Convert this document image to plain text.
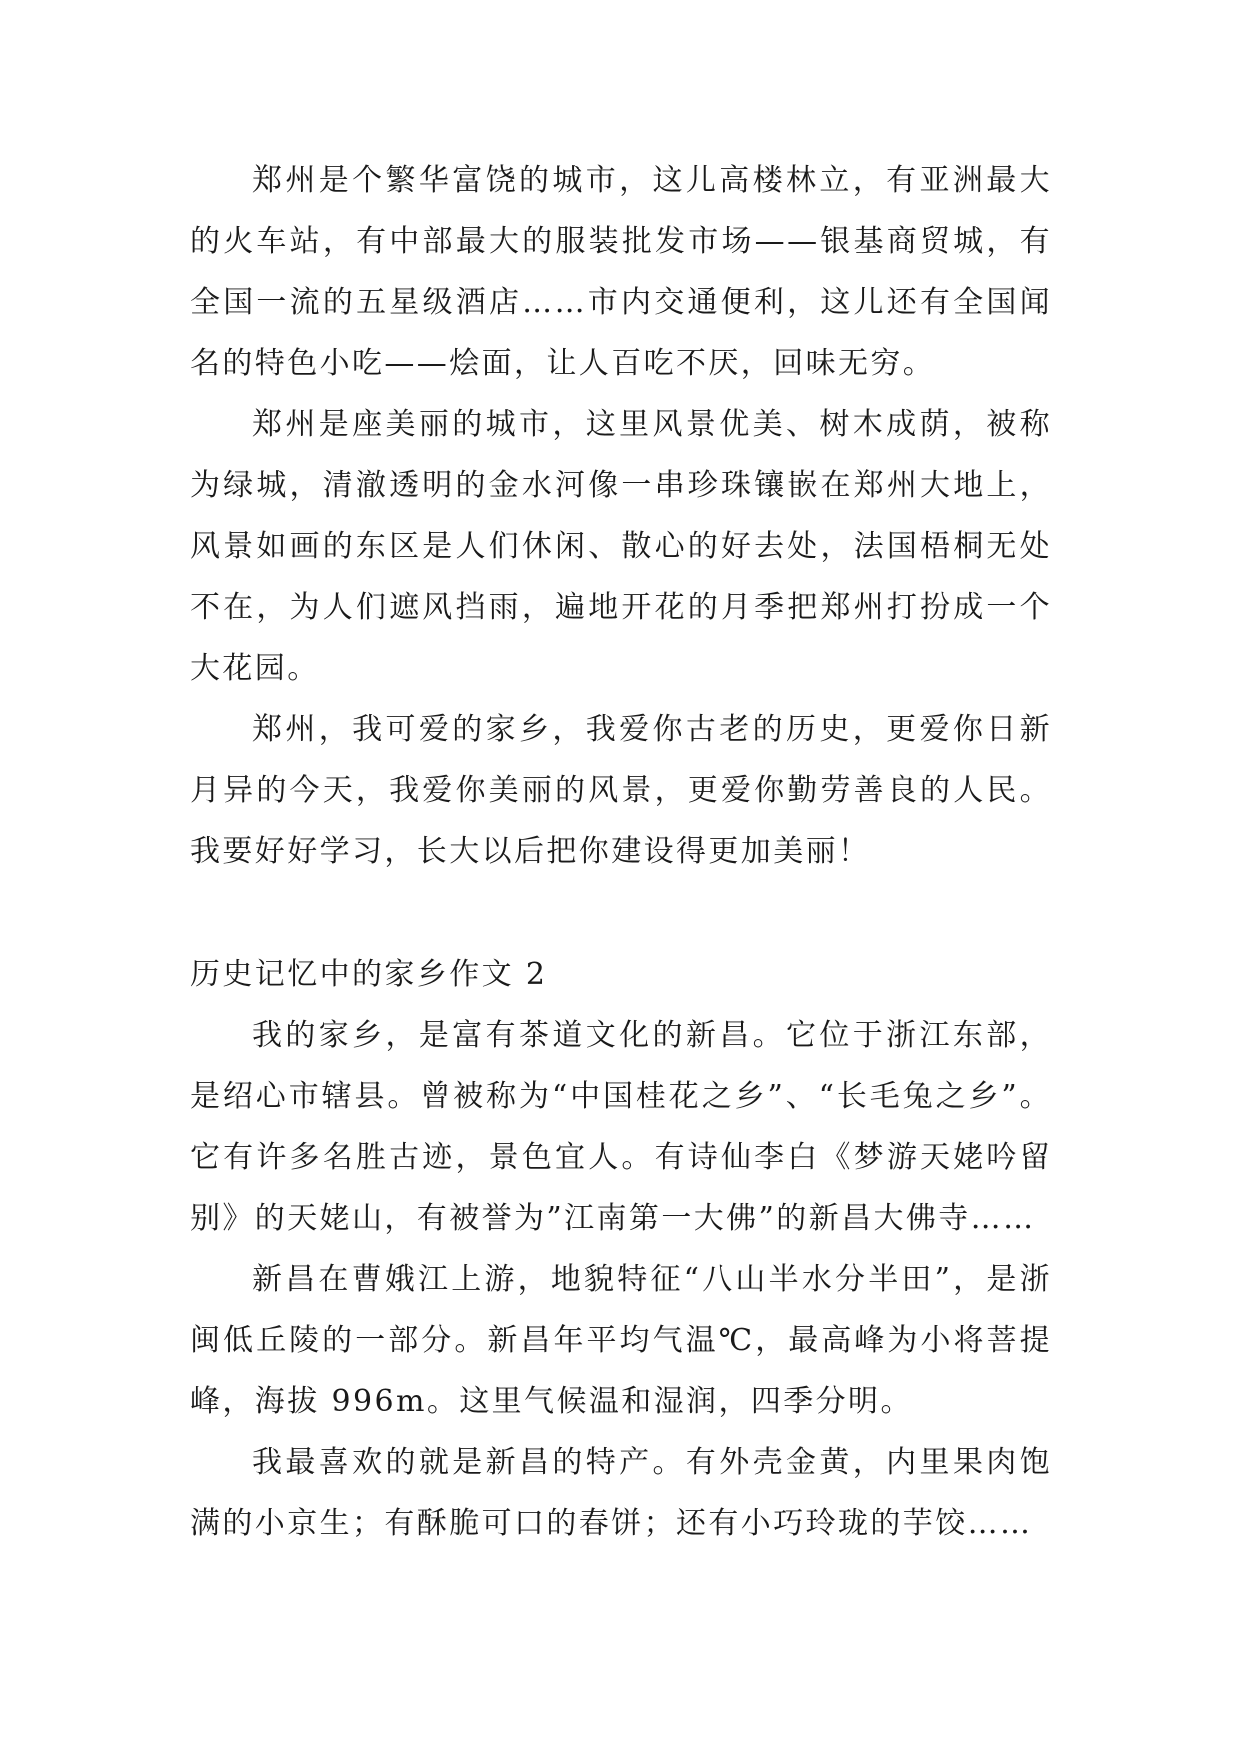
郑州是个繁华富饶的城市，这儿高楼林立，有亚洲最大的火车站，有中部最大的服装批发市场——银基商贸城，有全国一流的五星级酒店……市内交通便利，这儿还有全国闻名的特色小吃——烩面，让人百吃不厌，回味无穷。

郑州是座美丽的城市，这里风景优美、树木成荫，被称为绿城，清澈透明的金水河像一串珍珠镶嵌在郑州大地上，风景如画的东区是人们休闲、散心的好去处，法国梧桐无处不在，为人们遮风挡雨，遍地开花的月季把郑州打扮成一个大花园。

郑州，我可爱的家乡，我爱你古老的历史，更爱你日新月异的今天，我爱你美丽的风景，更爱你勤劳善良的人民。我要好好学习，长大以后把你建设得更加美丽！

历史记忆中的家乡作文 2

我的家乡，是富有茶道文化的新昌。它位于浙江东部，是绍心市辖县。曾被称为“中国桂花之乡”、“长毛兔之乡”。它有许多名胜古迹，景色宜人。有诗仙李白《梦游天姥吟留别》的天姥山，有被誉为”江南第一大佛”的新昌大佛寺……

新昌在曹娥江上游，地貌特征“八山半水分半田”，是浙闽低丘陵的一部分。新昌年平均气温℃，最高峰为小将菩提峰，海拔 996m。这里气候温和湿润，四季分明。

我最喜欢的就是新昌的特产。有外壳金黄，内里果肉饱满的小京生；有酥脆可口的春饼；还有小巧玲珑的芋饺……
